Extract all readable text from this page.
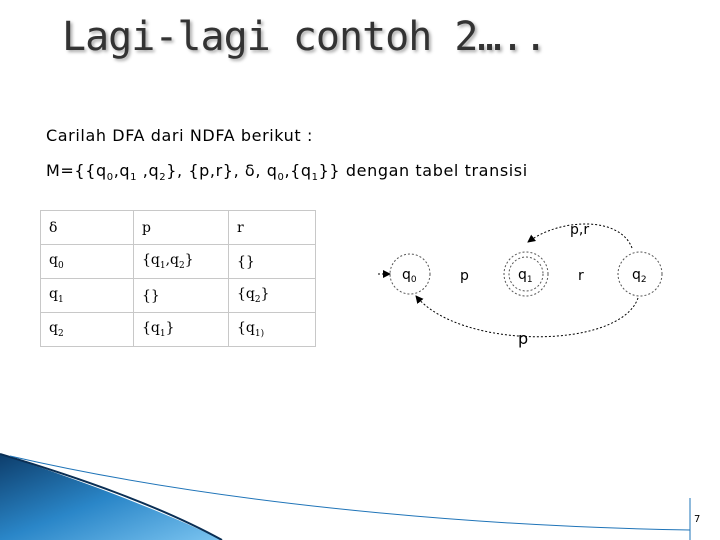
Lagi-lagi contoh 2…..
Carilah DFA dari NDFA berikut :
$M=\{\{q_0,q_1$ $,q_2$}, {p,r}, δ, $q_0,\{q_1\}$} dengan tabel transisi
δ	p	r
$q_0$	$\{q_1,q_2\}$	{}
$q_1$	{}	$\{q_2\}$
$q_2$	$\{q_1\}$	{$q_{1)}$
$q_0$	$q_1$	$q_2$
p	r
p,r
p
7
